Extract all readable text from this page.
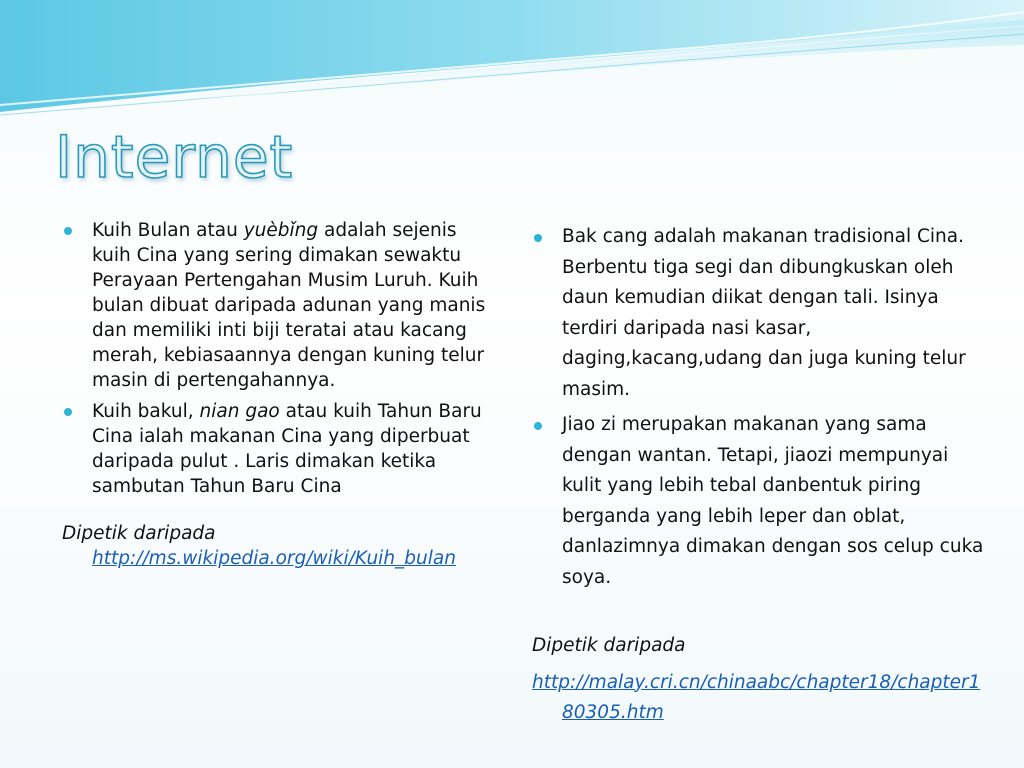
Internet
Kuih Bulan atau yuèbǐng adalah sejenis kuih Cina yang sering dimakan sewaktu Perayaan Pertengahan Musim Luruh. Kuih bulan dibuat daripada adunan yang manis dan memiliki inti biji teratai atau kacang merah, kebiasaannya dengan kuning telur masin di pertengahannya.
Kuih bakul, nian gao atau kuih Tahun Baru Cina ialah makanan Cina yang diperbuat daripada pulut . Laris dimakan ketika sambutan Tahun Baru Cina
Dipetik daripada
http://ms.wikipedia.org/wiki/Kuih_bulan
Bak cang adalah makanan tradisional Cina. Berbentu tiga segi dan dibungkuskan oleh daun kemudian diikat dengan tali. Isinya terdiri daripada nasi kasar, daging,kacang,udang dan juga kuning telur masim.
Jiao zi merupakan makanan yang sama dengan wantan. Tetapi, jiaozi mempunyai kulit yang lebih tebal danbentuk piring berganda yang lebih leper dan oblat, danlazimnya dimakan dengan sos celup cuka soya.
Dipetik daripada
http://malay.cri.cn/chinaabc/chapter18/chapter180305.htm
